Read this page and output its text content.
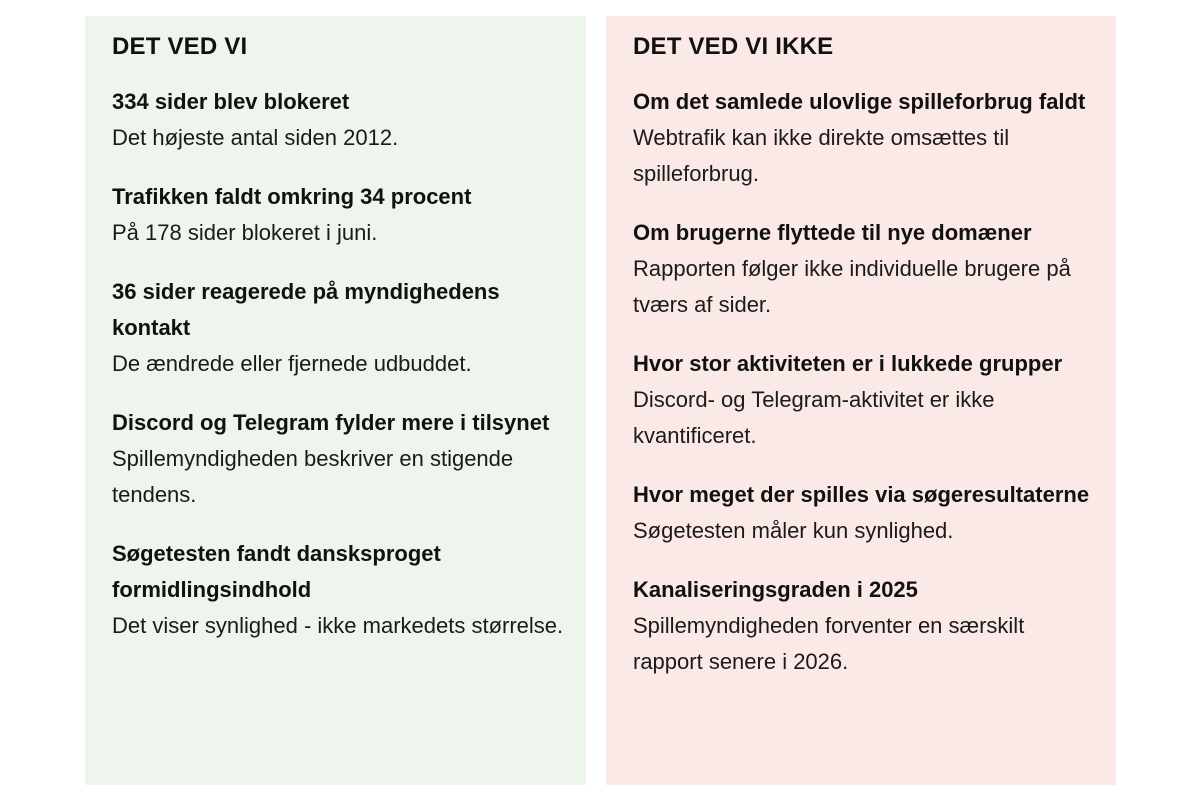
DET VED VI

334 sider blev blokeret

Det højeste antal siden 2012.

Trafikken faldt omkring 34 procent

På 178 sider blokeret i juni.

36 sider reagerede på myndighedens kontakt

De ændrede eller fjernede udbuddet.

Discord og Telegram fylder mere i tilsynet

Spillemyndigheden beskriver en stigende tendens.

Søgetesten fandt dansksproget formidlingsindhold

Det viser synlighed - ikke markedets størrelse.

DET VED VI IKKE

Om det samlede ulovlige spilleforbrug faldt

Webtrafik kan ikke direkte omsættes til spilleforbrug.

Om brugerne flyttede til nye domæner

Rapporten følger ikke individuelle brugere på tværs af sider.

Hvor stor aktiviteten er i lukkede grupper

Discord- og Telegram-aktivitet er ikke kvantificeret.

Hvor meget der spilles via søgeresultaterne

Søgetesten måler kun synlighed.

Kanaliseringsgraden i 2025

Spillemyndigheden forventer en særskilt rapport senere i 2026.
